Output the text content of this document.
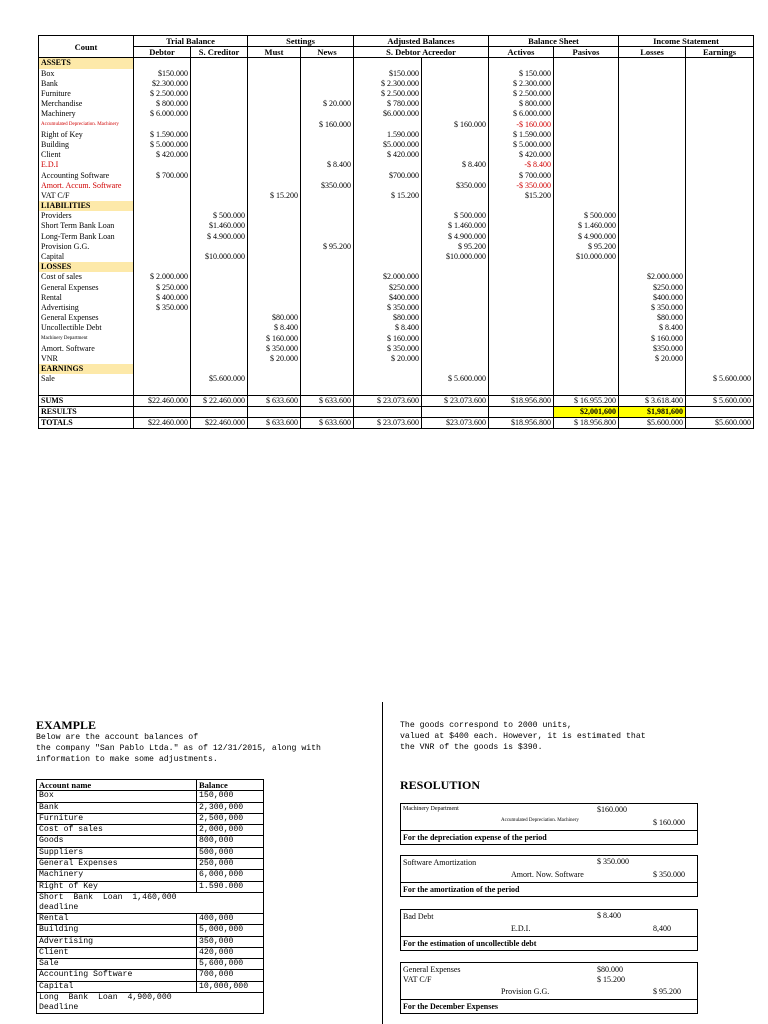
Count	Trial Balance		Settings		Adjusted Balances		Balance Sheet		Income Statement	
	Debtor	S. Creditor	Must	News	S. Debtor Acreedor		Activos	Pasivos	Losses	Earnings
ASSETS										
Box	$150.000				$150.000		$ 150.000			
Bank	$2.300.000				$ 2.300.000		$ 2.300.000			
Furniture	$ 2.500.000				$ 2.500.000		$ 2.500.000			
Merchandise	$ 800.000			$ 20.000	$ 780.000		$ 800.000			
Machinery	$ 6.000.000				$6.000.000		$ 6.000.000			
Accumulated Depreciation. Machinery				$ 160.000		$ 160.000	-$ 160.000			
Right of Key	$ 1.590.000				1.590.000		$ 1.590.000			
Building	$ 5.000.000				$5.000.000		$ 5.000.000			
Client	$ 420.000				$ 420.000		$ 420.000			
E.D.I				$ 8.400		$ 8.400	-$ 8.400			
Accounting Software	$ 700.000				$700.000		$ 700.000			
Amort. Accum. Software				$350.000		$350.000	-$ 350.000			
VAT C/F			$ 15.200		$ 15.200		$15.200			
LIABILITIES										
Providers		$ 500.000				$ 500.000		$ 500.000		
Short Term Bank Loan		$1.460.000				$ 1.460.000		$ 1.460.000		
Long-Term Bank Loan		$ 4.900.000				$ 4.900.000		$ 4.900.000		
Provision G.G.				$ 95.200		$ 95.200		$ 95.200		
Capital		$10.000.000				$10.000.000		$10.000.000		
LOSSES										
Cost of sales	$ 2.000.000				$2.000.000				$2.000.000	
General Expenses	$ 250.000				$250.000				$250.000	
Rental	$ 400.000				$400.000				$400.000	
Advertising	$ 350.000				$ 350.000				$ 350.000	
General Expenses			$80.000		$80.000				$80.000	
Uncollectible Debt			$ 8.400		$ 8.400				$ 8.400	
Machinery Department			$ 160.000		$ 160.000				$ 160.000	
Amort. Software			$ 350.000		$ 350.000				$350.000	
VNR			$ 20.000		$ 20.000				$ 20.000	
EARNINGS										
Sale		$5.600.000				$ 5.600.000				$ 5.600.000

SUMS	$22.460.000	$ 22.460.000	$ 633.600	$ 633.600	$ 23.073.600	$ 23.073.600	$18.956.800	$ 16.955.200	$ 3.618.400	$ 5.600.000
RESULTS								$2,001,600	$1,981,600	
TOTALS	$22.460.000	$22.460.000	$ 633.600	$ 633.600	$ 23.073.600	$23.073.600	$18.956.800	$ 18.956.800	$5.600.000	$5.600.000
EXAMPLE
Below are the account balances of
the company "San Pablo Ltda." as of 12/31/2015, along with
information to make some adjustments.
The goods correspond to 2000 units,
valued at $400 each. However, it is estimated that
the VNR of the goods is $390.
Account name	Balance
Box	150,000
Bank	2,300,000
Furniture	2,500,000
Cost of sales	2,000,000
Goods	800,000
Suppliers	500,000
General Expenses	250,000
Machinery	6,000,000
Right of Key	1.590.000
Short  Bank  Loan  1,460,000
deadline	
Rental	400,000
Building	5,000,000
Advertising	350,000
Client	420,000
Sale	5,600,000
Accounting Software	700,000
Capital	10,000,000
Long  Bank  Loan  4,900,000
Deadline	
RESOLUTION
Machinery Department	$160.000
Accumulated Depreciation. Machinery	$ 160.000
For the depreciation expense of the period
Software Amortization	$ 350.000
Amort. Now. Software	$ 350.000
For the amortization of the period
Bad Debt	$ 8.400
E.D.I.	8,400
For the estimation of uncollectible debt
General Expenses	$80.000
VAT C/F	$ 15.200
Provision G.G.	$ 95.200
For the December Expenses
